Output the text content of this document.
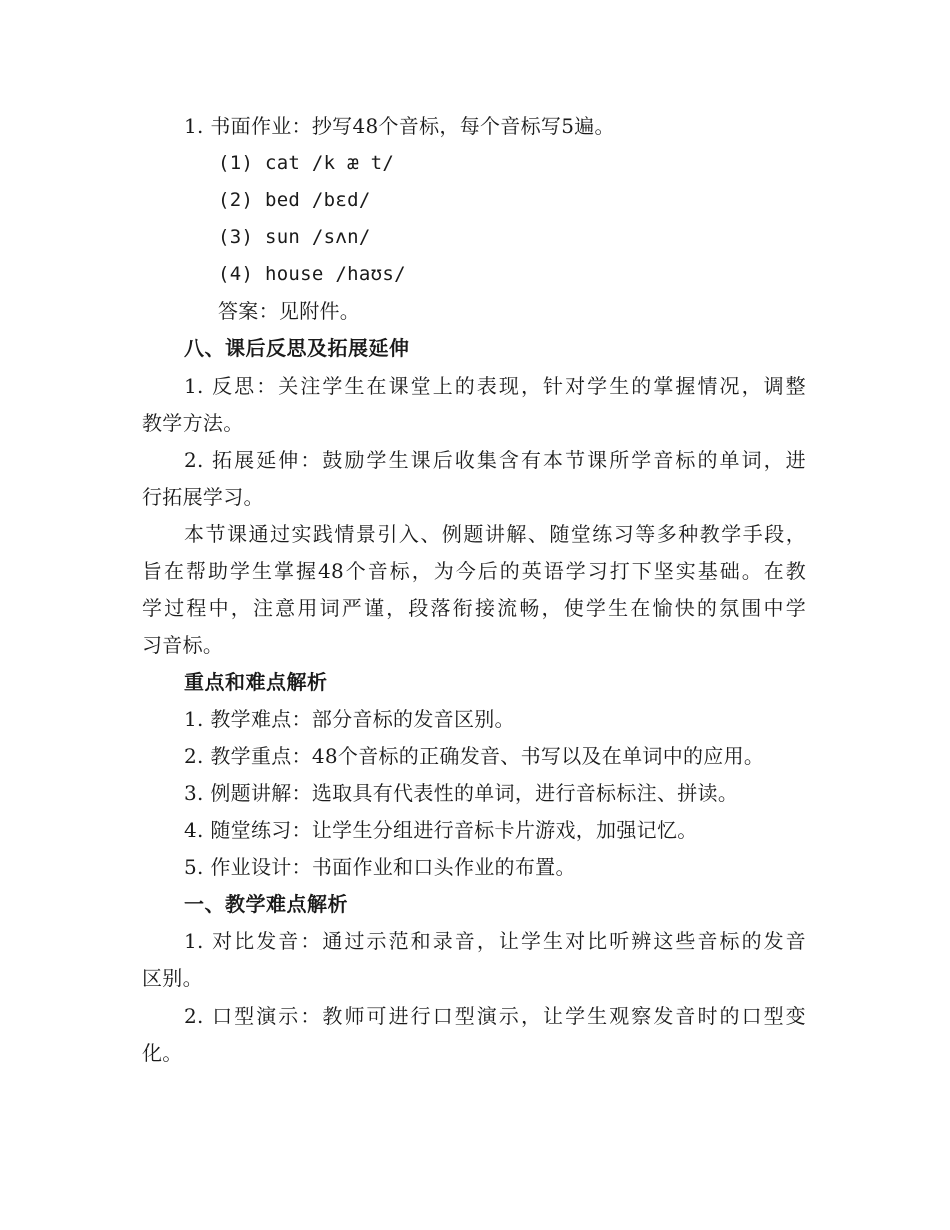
1. 书面作业：抄写48个音标，每个音标写5遍。
(1) cat /k æ t/
(2) bed /bɛd/
(3) sun /sʌn/
(4) house /haʊs/
答案：见附件。
八、课后反思及拓展延伸
1. 反思：关注学生在课堂上的表现，针对学生的掌握情况，调整
教学方法。
2. 拓展延伸：鼓励学生课后收集含有本节课所学音标的单词，进
行拓展学习。
本节课通过实践情景引入、例题讲解、随堂练习等多种教学手段，
旨在帮助学生掌握48个音标，为今后的英语学习打下坚实基础。在教
学过程中，注意用词严谨，段落衔接流畅，使学生在愉快的氛围中学
习音标。
重点和难点解析
1. 教学难点：部分音标的发音区别。
2. 教学重点：48个音标的正确发音、书写以及在单词中的应用。
3. 例题讲解：选取具有代表性的单词，进行音标标注、拼读。
4. 随堂练习：让学生分组进行音标卡片游戏，加强记忆。
5. 作业设计：书面作业和口头作业的布置。
一、教学难点解析
1. 对比发音：通过示范和录音，让学生对比听辨这些音标的发音
区别。
2. 口型演示：教师可进行口型演示，让学生观察发音时的口型变
化。
